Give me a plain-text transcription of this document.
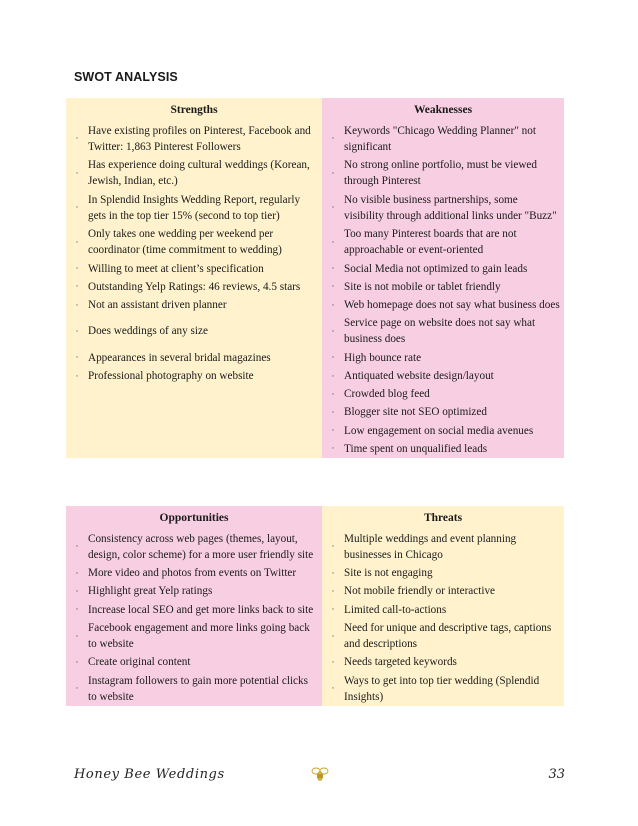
SWOT ANALYSIS
Strengths		Weaknesses	
·	Have existing profiles on Pinterest, Facebook and Twitter: 1,863 Pinterest Followers	·	Keywords "Chicago Wedding Planner" not significant
·	Has experience doing cultural weddings (Korean, Jewish, Indian, etc.)	·	No strong online portfolio, must be viewed through Pinterest
·	In Splendid Insights Wedding Report, regularly gets in the top tier 15% (second to top tier)	·	No visible business partnerships, some visibility through additional links under "Buzz"
·	Only takes one wedding per weekend per coordinator (time commitment to wedding)	·	Too many Pinterest boards that are not approachable or event-oriented
·	Willing to meet at client’s specification	·	Social Media not optimized to gain leads
·	Outstanding Yelp Ratings: 46 reviews, 4.5 stars	·	Site is not mobile or tablet friendly
·	Not an assistant driven planner	·	Web homepage does not say what business does
·	Does weddings of any size	·	Service page on website does not say what business does
·	Appearances in several bridal magazines	·	High bounce rate
·	Professional photography on website	·	Antiquated website design/layout
		·	Crowded blog feed
		·	Blogger site not SEO optimized
		·	Low engagement on social media avenues
		·	Time spent on unqualified leads
Opportunities		Threats	
·	Consistency across web pages (themes, layout, design, color scheme) for a more user friendly site	·	Multiple weddings and event planning businesses in Chicago
·	More video and photos from events on Twitter	·	Site is not engaging
·	Highlight great Yelp ratings	·	Not mobile friendly or interactive
·	Increase local SEO and get more links back to site	·	Limited call-to-actions
·	Facebook engagement and more links going back to website	·	Need for unique and descriptive tags, captions and descriptions
·	Create original content	·	Needs targeted keywords
·	Instagram followers to gain more potential clicks to website	·	Ways to get into top tier wedding (Splendid Insights)
Honey Bee Weddings	33
